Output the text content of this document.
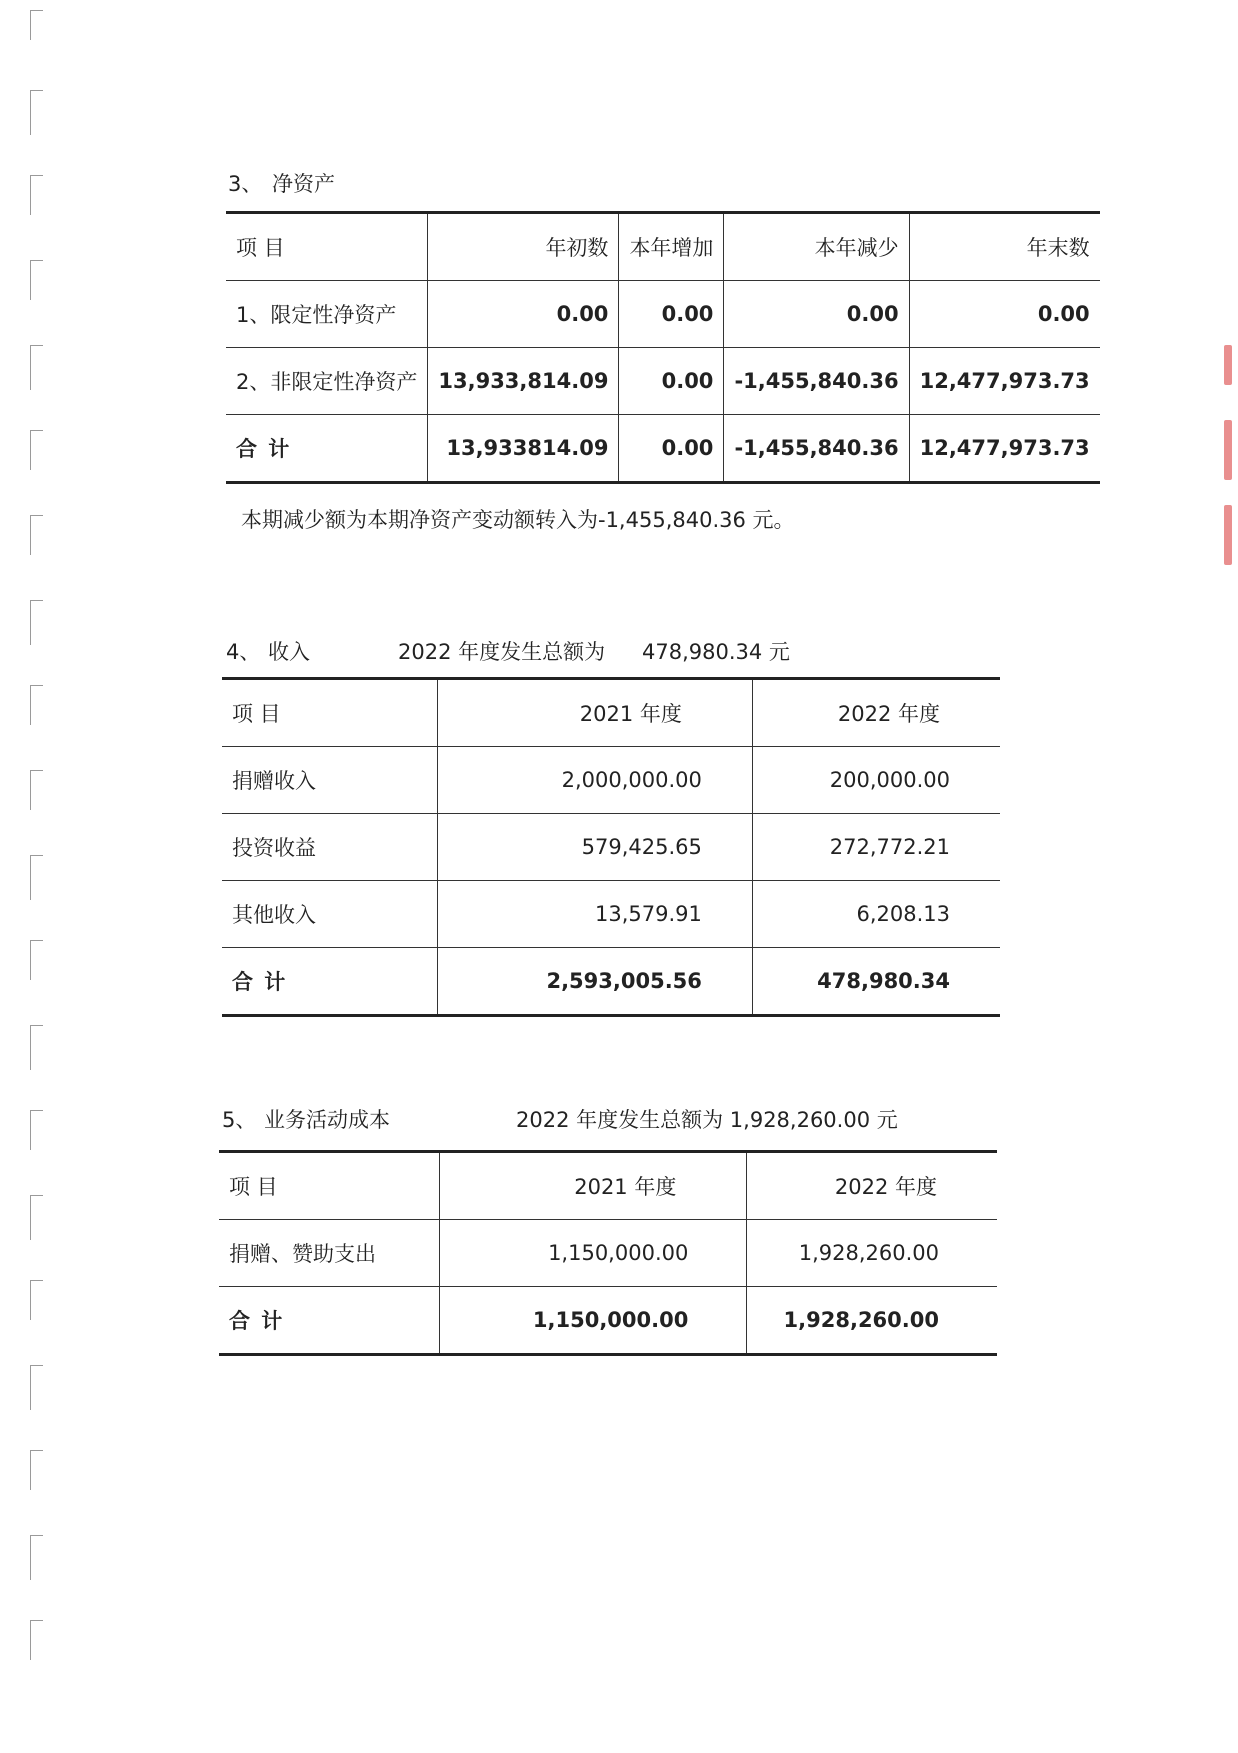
3、 净资产
项 目	年初数	本年增加	本年减少	年末数
1、限定性净资产	0.00	0.00	0.00	0.00
2、非限定性净资产	13,933,814.09	0.00	-1,455,840.36	12,477,973.73
合 计	13,933814.09	0.00	-1,455,840.36	12,477,973.73
本期减少额为本期净资产变动额转入为-1,455,840.36 元。
4、 收入	2022 年度发生总额为 478,980.34 元
项 目	2021 年度	2022 年度
捐赠收入	2,000,000.00	200,000.00
投资收益	579,425.65	272,772.21
其他收入	13,579.91	6,208.13
合 计	2,593,005.56	478,980.34
5、 业务活动成本	2022 年度发生总额为 1,928,260.00 元
项 目	2021 年度	2022 年度
捐赠、赞助支出	1,150,000.00	1,928,260.00
合 计	1,150,000.00	1,928,260.00
